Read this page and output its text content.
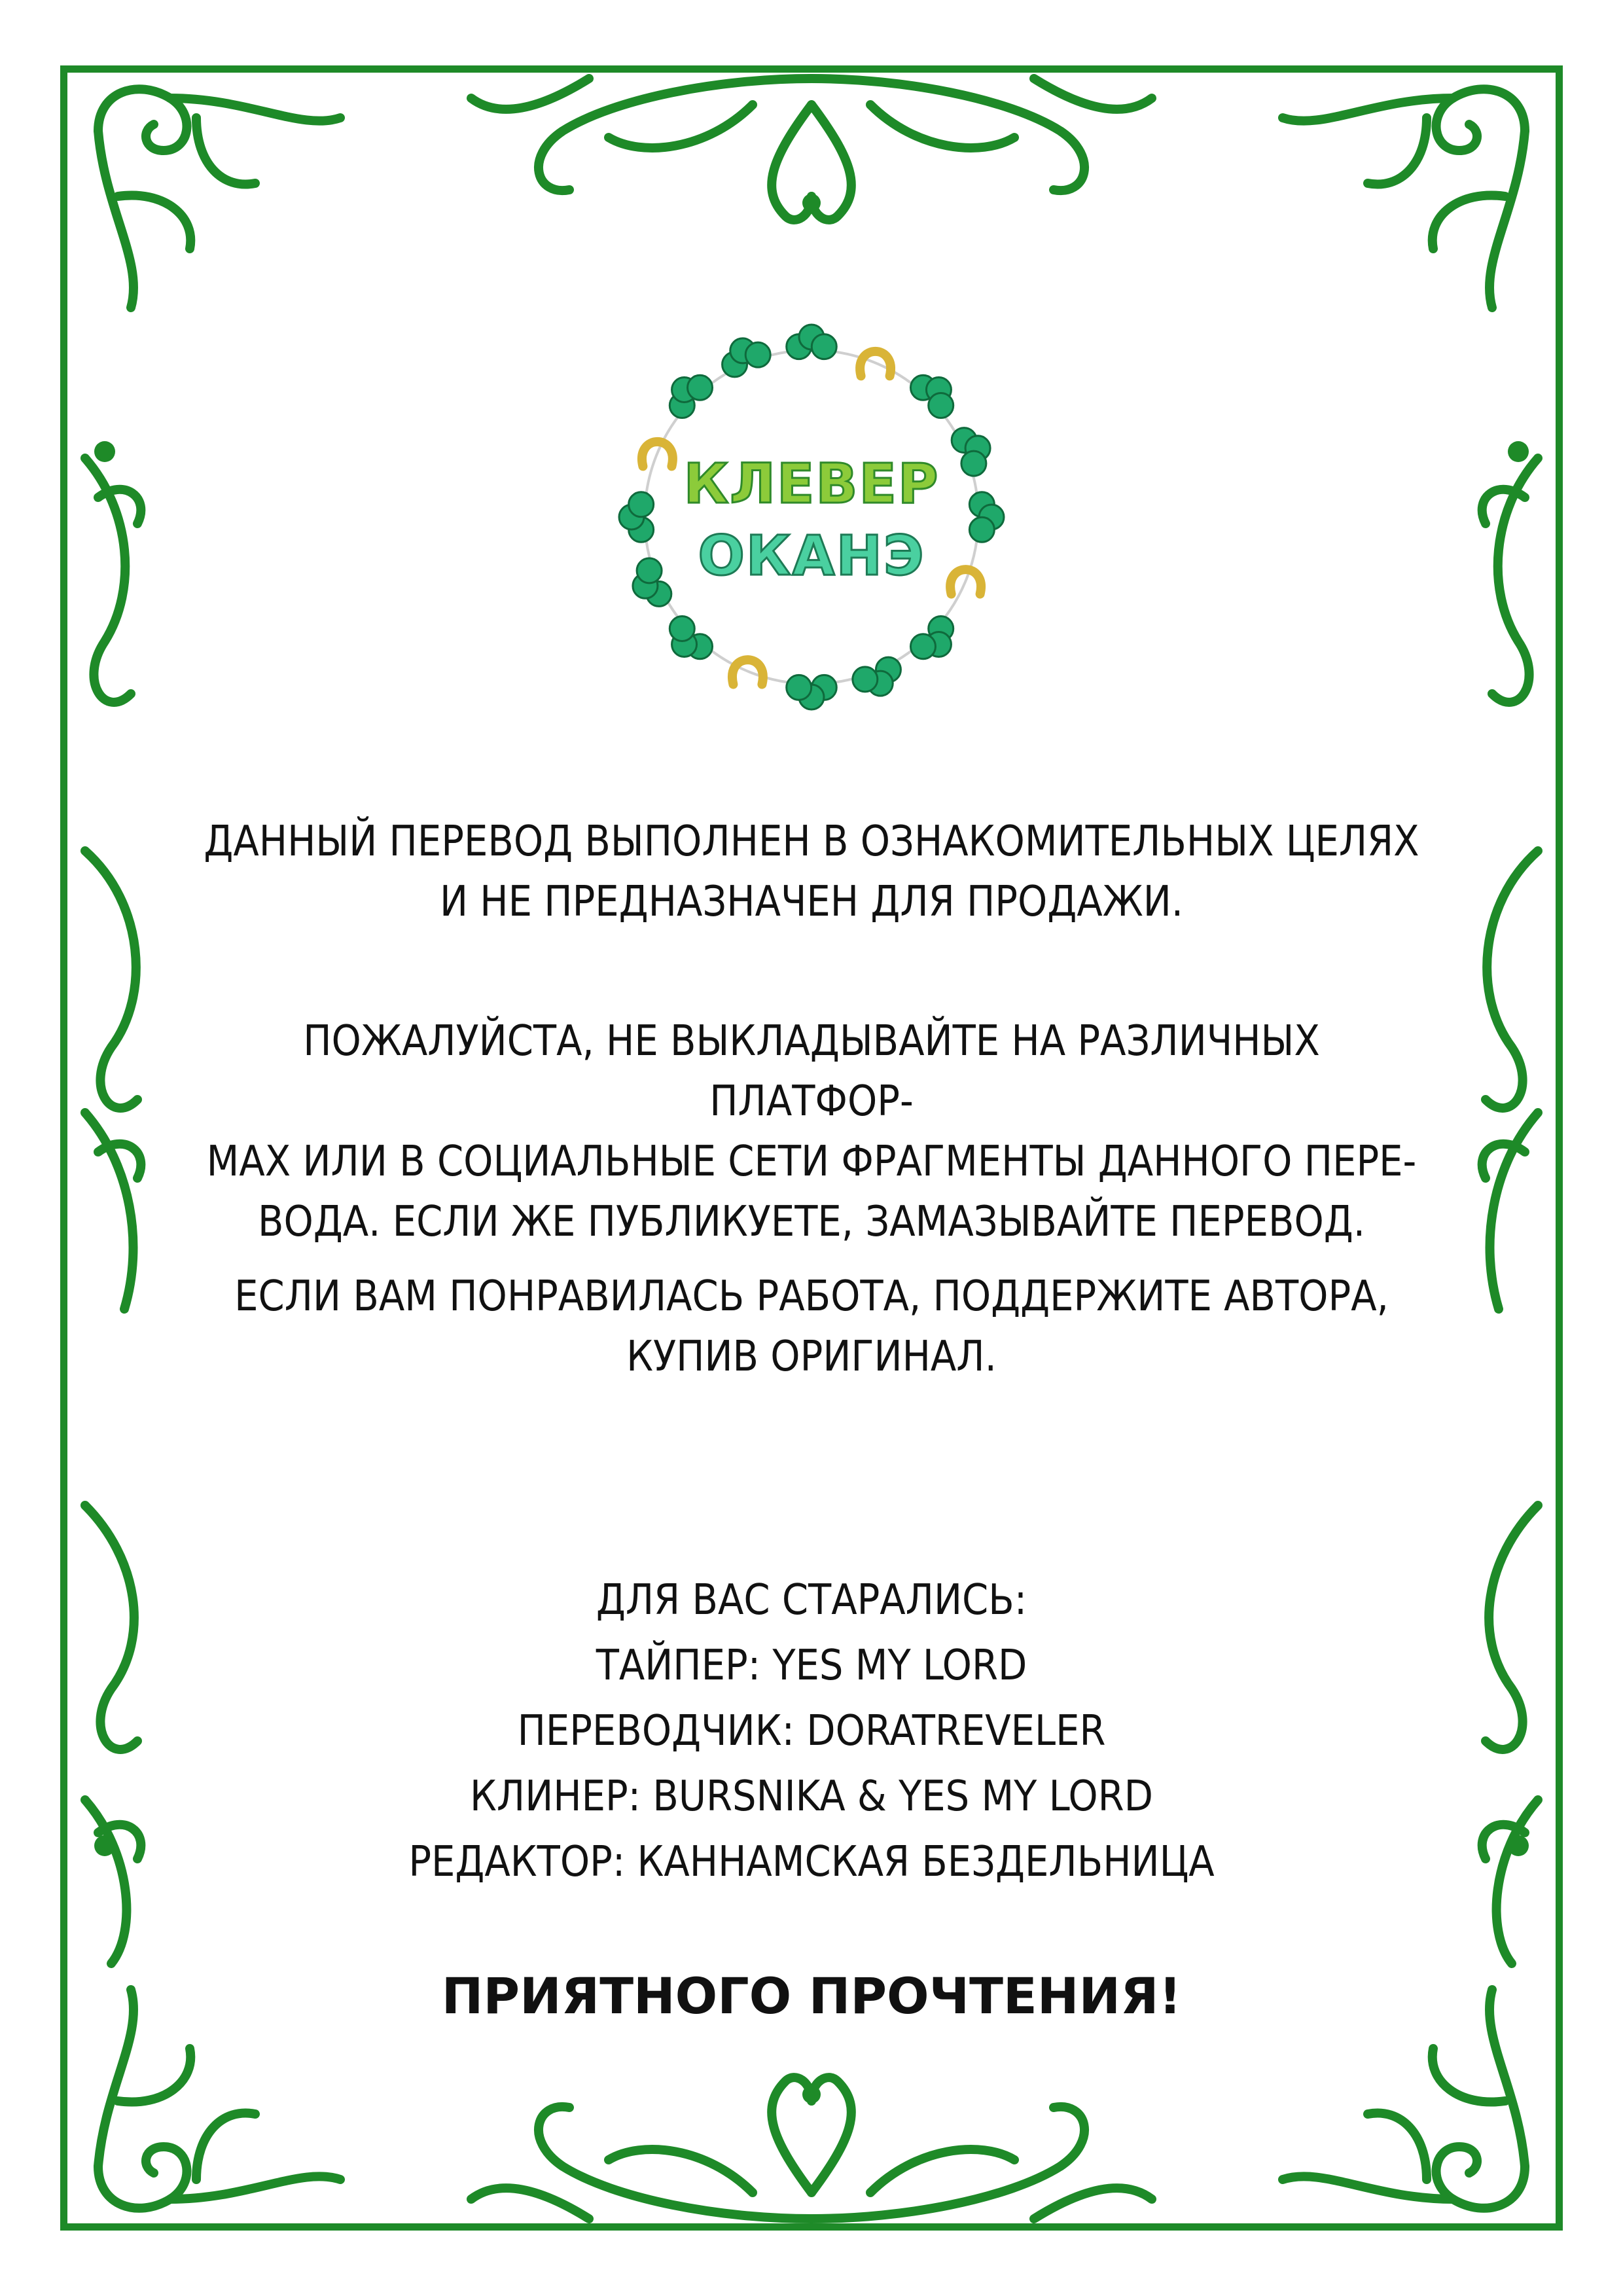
КЛЕВЕР
ОКАНЭ

ДАННЫЙ ПЕРЕВОД ВЫПОЛНЕН В ОЗНАКОМИТЕЛЬНЫХ ЦЕЛЯХ

И НЕ ПРЕДНАЗНАЧЕН ДЛЯ ПРОДАЖИ.

ПОЖАЛУЙСТА, НЕ ВЫКЛАДЫВАЙТЕ НА РАЗЛИЧНЫХ ПЛАТФОР-

МАХ ИЛИ В СОЦИАЛЬНЫЕ СЕТИ ФРАГМЕНТЫ ДАННОГО ПЕРЕ-

ВОДА. ЕСЛИ ЖЕ ПУБЛИКУЕТЕ, ЗАМАЗЫВАЙТЕ ПЕРЕВОД.

ЕСЛИ ВАМ ПОНРАВИЛАСЬ РАБОТА, ПОДДЕРЖИТЕ АВТОРА,

КУПИВ ОРИГИНАЛ.

ДЛЯ ВАС СТАРАЛИСЬ:

ТАЙПЕР: YES MY LORD

ПЕРЕВОДЧИК: DORATREVELER

КЛИНЕР: BURSNIKA & YES MY LORD

РЕДАКТОР: КАННАМСКАЯ БЕЗДЕЛЬНИЦА

ПРИЯТНОГО ПРОЧТЕНИЯ!
